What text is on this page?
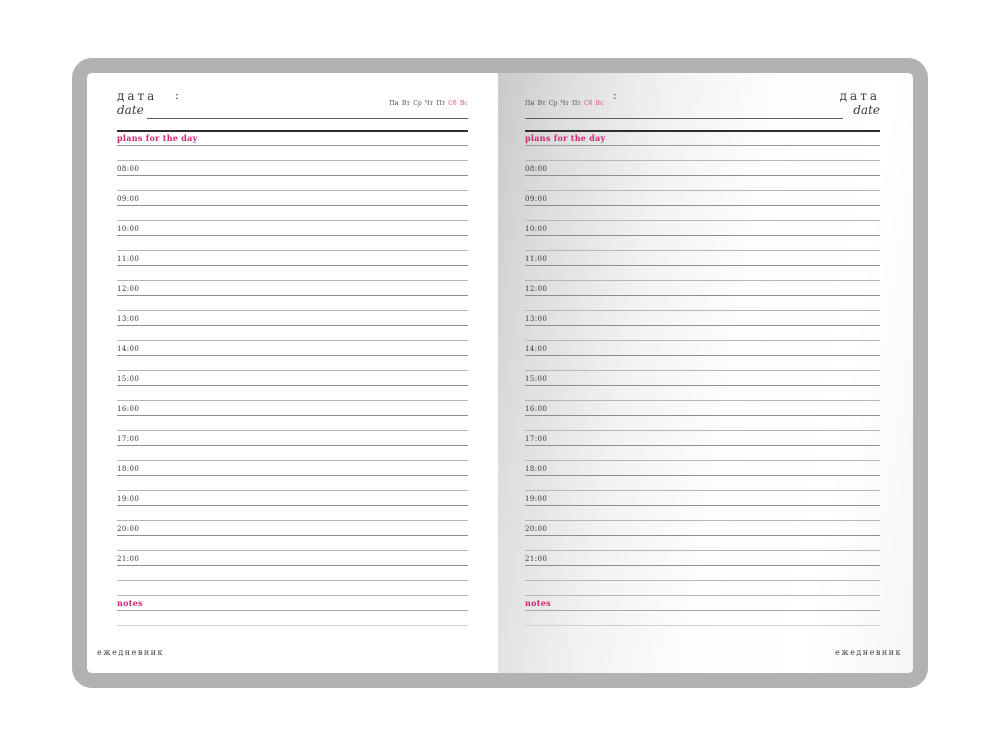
дата
date
:
Пн Вт Ср Чт Пт Сб Вс
plans for the day
08:00
09:00
10:00
11:00
12:00
13:00
14:00
15:00
16:00
17:00
18:00
19:00
20:00
21:00
notes
ежедневник
Пн Вт Ср Чт Пт Сб Вс
:	дата
date
plans for the day
08:00
09:00
10:00
11:00
12:00
13:00
14:00
15:00
16:00
17:00
18:00
19:00
20:00
21:00
notes
ежедневник
